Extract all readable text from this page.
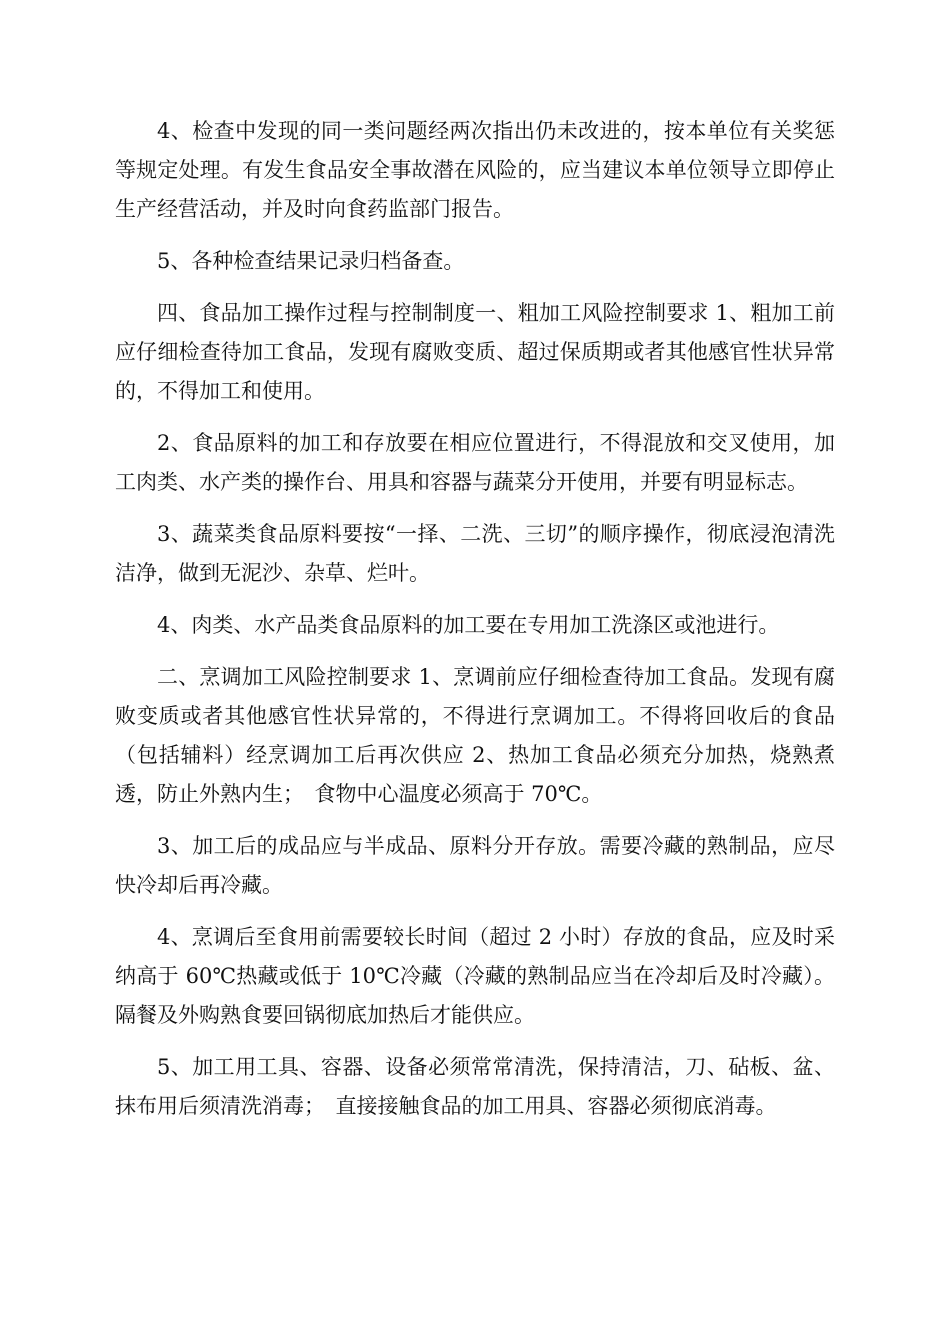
4、检查中发现的同一类问题经两次指出仍未改进的，按本单位有关奖惩等规定处理。有发生食品安全事故潜在风险的，应当建议本单位领导立即停止生产经营活动，并及时向食药监部门报告。

5、各种检查结果记录归档备查。

四、食品加工操作过程与控制制度一、粗加工风险控制要求 1、粗加工前应仔细检查待加工食品，发现有腐败变质、超过保质期或者其他感官性状异常的，不得加工和使用。

2、食品原料的加工和存放要在相应位置进行，不得混放和交叉使用，加工肉类、水产类的操作台、用具和容器与蔬菜分开使用，并要有明显标志。

3、蔬菜类食品原料要按“一择、二洗、三切”的顺序操作，彻底浸泡清洗洁净，做到无泥沙、杂草、烂叶。

4、肉类、水产品类食品原料的加工要在专用加工洗涤区或池进行。

二、烹调加工风险控制要求 1、烹调前应仔细检查待加工食品。发现有腐败变质或者其他感官性状异常的，不得进行烹调加工。不得将回收后的食品（包括辅料）经烹调加工后再次供应 2、热加工食品必须充分加热，烧熟煮透，防止外熟内生；　食物中心温度必须高于 70℃。

3、加工后的成品应与半成品、原料分开存放。需要冷藏的熟制品，应尽快冷却后再冷藏。

4、烹调后至食用前需要较长时间（超过 2 小时）存放的食品，应及时采纳高于 60℃热藏或低于 10℃冷藏（冷藏的熟制品应当在冷却后及时冷藏）。隔餐及外购熟食要回锅彻底加热后才能供应。

5、加工用工具、容器、设备必须常常清洗，保持清洁，刀、砧板、盆、抹布用后须清洗消毒；　直接接触食品的加工用具、容器必须彻底消毒。
